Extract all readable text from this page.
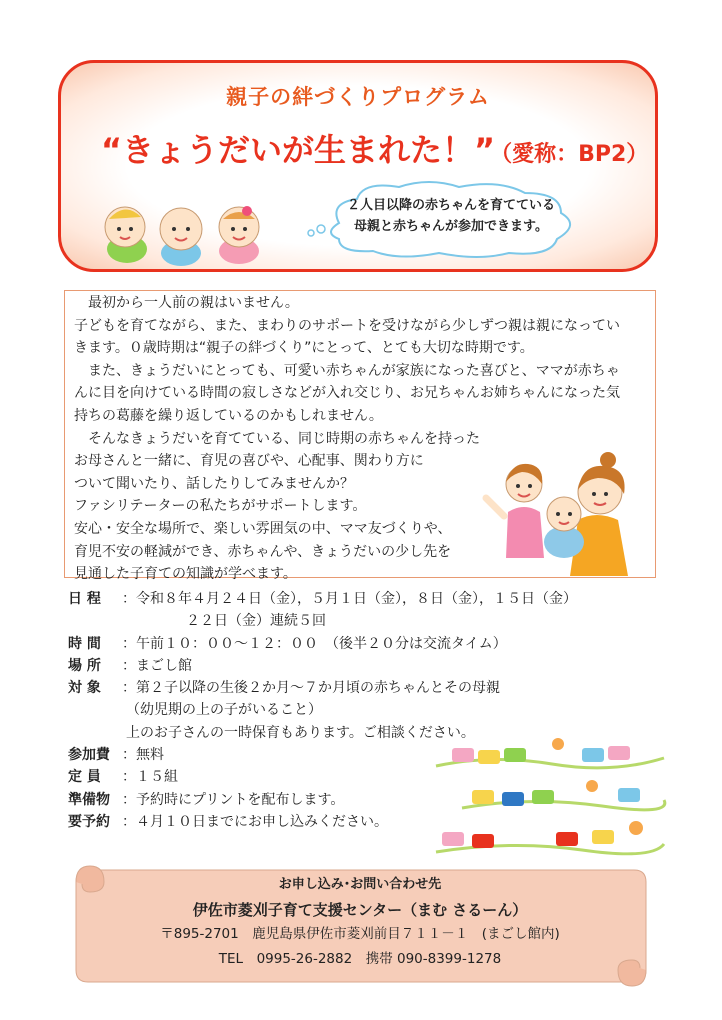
親子の絆づくりプログラム
“きょうだいが生まれた！” （愛称：BP2）
２人目以降の赤ちゃんを育てている
母親と赤ちゃんが参加できます。

最初から一人前の親はいません。

子どもを育てながら、また、まわりのサポートを受けながら少しずつ親は親になってい

きます。０歳時期は“親子の絆づくり”にとって、とても大切な時期です。

また、きょうだいにとっても、可愛い赤ちゃんが家族になった喜びと、ママが赤ちゃ

んに目を向けている時間の寂しさなどが入れ交じり、お兄ちゃんお姉ちゃんになった気

持ちの葛藤を繰り返しているのかもしれません。

そんなきょうだいを育てている、同じ時期の赤ちゃんを持った

お母さんと一緒に、育児の喜びや、心配事、関わり方に

ついて聞いたり、話したりしてみませんか？

ファシリテーターの私たちがサポートします。

安心・安全な場所で、楽しい雰囲気の中、ママ友づくりや、

育児不安の軽減ができ、赤ちゃんや、きょうだいの少し先を

見通した子育ての知識が学べます。

日 程	：令和８年４月２４日（金），５月１日（金），８日（金），１５日（金）
２２日（金）連続５回
時 間	：午前１０：００～１２：００　（後半２０分は交流タイム）
場 所	：まごし館
対 象	：第２子以降の生後２か月～７か月頃の赤ちゃんとその母親
（幼児期の上の子がいること）
上のお子さんの一時保育もあります。ご相談ください。
参加費 ：無料
定 員	：１５組
準備物 ：予約時にプリントを配布します。
要予約 ：４月１０日までにお申し込みください。
お申し込み･お問い合わせ先
伊佐市菱刈子育て支援センター（まむ さるーん）
〒895-2701　鹿児島県伊佐市菱刈前目７１１－１　(まごし館内)
TEL　0995-26-2882　携帯 090-8399-1278
